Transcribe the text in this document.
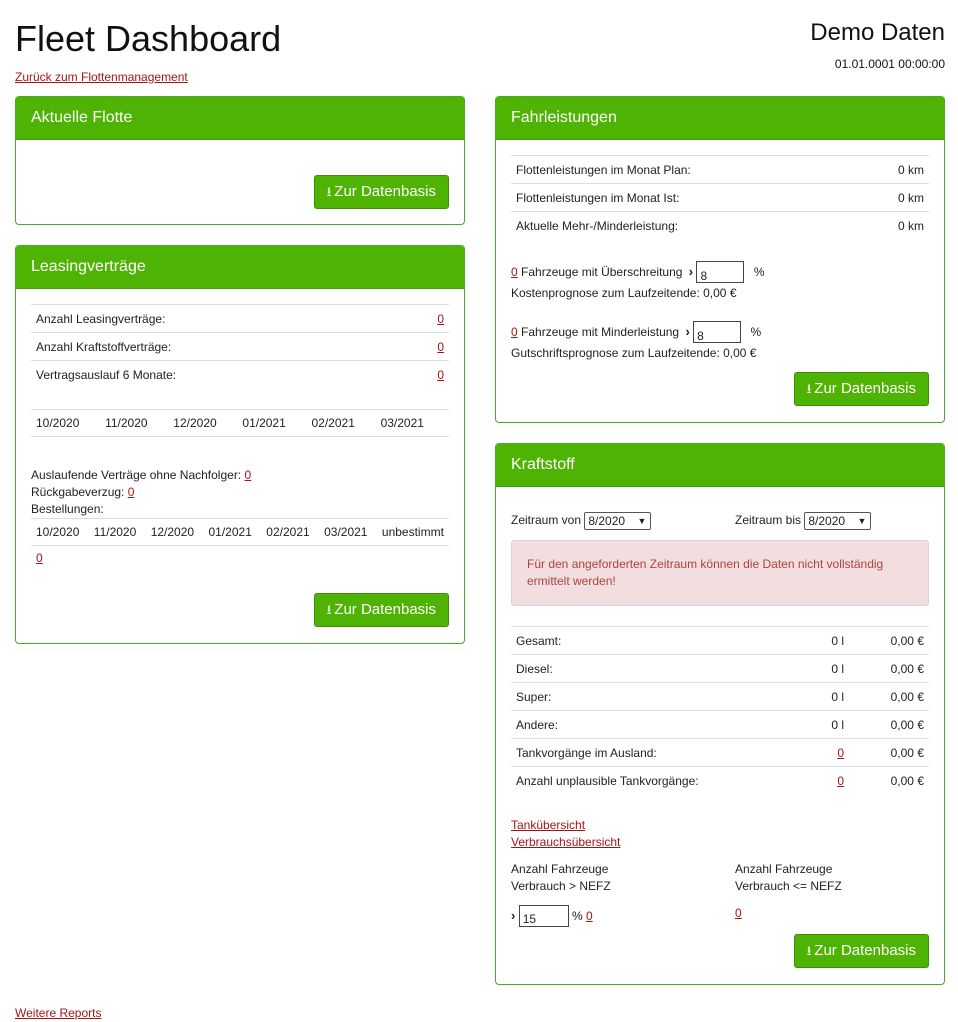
Fleet Dashboard
Zurück zum Flottenmanagement
Demo Daten
01.01.0001 00:00:00
Aktuelle Flotte
⭳ Zur Datenbasis
Leasingverträge
Anzahl Leasingverträge:	0
Anzahl Kraftstoffverträge:	0
Vertragsauslauf 6 Monate:	0
10/2020 11/2020 12/2020 01/2021 02/2021 03/2021
Auslaufende Verträge ohne Nachfolger: 0
Rückgabeverzug: 0
Bestellungen:
10/2020 11/2020 12/2020 01/2021 02/2021 03/2021 unbestimmt
0
⭳ Zur Datenbasis
Fahrleistungen
Flottenleistungen im Monat Plan:	0 km
Flottenleistungen im Monat Ist:	0 km
Aktuelle Mehr-/Minderleistung:	0 km
0 Fahrzeuge mit Überschreitung › 8	%
Kostenprognose zum Laufzeitende: 0,00 €
0 Fahrzeuge mit Minderleistung › 8	%
Gutschriftsprognose zum Laufzeitende: 0,00 €
⭳ Zur Datenbasis
Kraftstoff
Zeitraum von 8/2020 ▼	Zeitraum bis 8/2020 ▼
Für den angeforderten Zeitraum können die Daten nicht vollständig ermittelt werden!
Gesamt:	0 l	0,00 €
Diesel:	0 l	0,00 €
Super:	0 l	0,00 €
Andere:	0 l	0,00 €
Tankvorgänge im Ausland:	0	0,00 €
Anzahl unplausible Tankvorgänge:	0	0,00 €
Tankübersicht
Verbrauchsübersicht
Anzahl Fahrzeuge
Verbrauch > NEFZ
› 15	% 0
Anzahl Fahrzeuge
Verbrauch <= NEFZ
0
⭳ Zur Datenbasis
Weitere Reports
